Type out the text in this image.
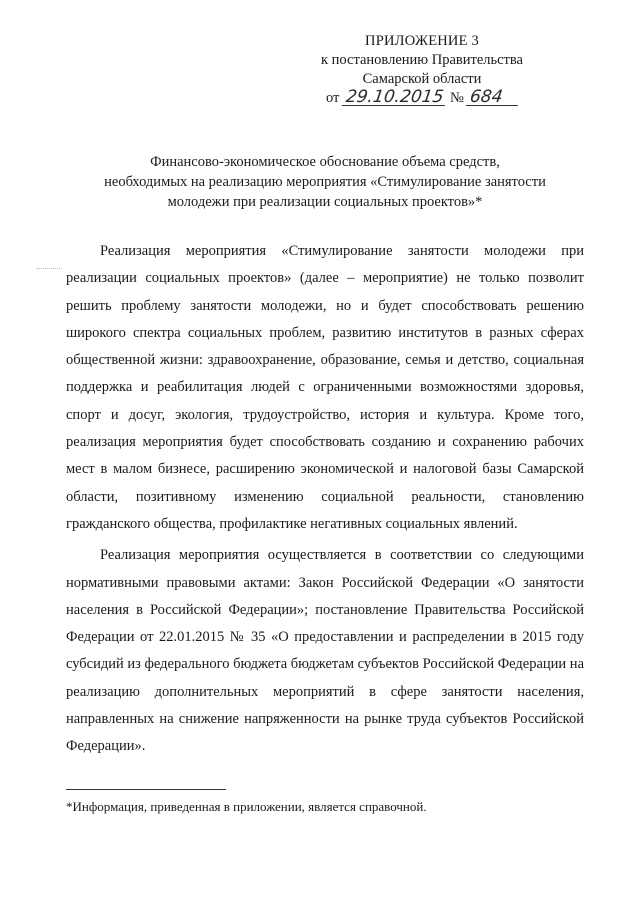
ПРИЛОЖЕНИЕ 3
к постановлению Правительства
Самарской области
от 29.10.2015 № 684
Финансово-экономическое обоснование объема средств,
необходимых на реализацию мероприятия «Стимулирование занятости
молодежи при реализации социальных проектов»*

Реализация мероприятия «Стимулирование занятости молодежи при реализации социальных проектов» (далее – мероприятие) не только позволит решить проблему занятости молодежи, но и будет способствовать решению широкого спектра социальных проблем, развитию институтов в разных сферах общественной жизни: здравоохранение, образование, семья и детство, социальная поддержка и реабилитация людей с ограниченными возможностями здоровья, спорт и досуг, экология, трудоустройство, история и культура. Кроме того, реализация мероприятия будет способствовать созданию и сохранению рабочих мест в малом бизнесе, расширению экономической и налоговой базы Самарской области, позитивному изменению социальной реальности, становлению гражданского общества, профилактике негативных социальных явлений.

Реализация мероприятия осуществляется в соответствии со следующими нормативными правовыми актами: Закон Российской Федерации «О занятости населения в Российской Федерации»; постановление Правительства Российской Федерации от 22.01.2015 № 35 «О предоставлении и распределении в 2015 году субсидий из федерального бюджета бюджетам субъектов Российской Федерации на реализацию дополнительных мероприятий в сфере занятости населения, направленных на снижение напряженности на рынке труда субъектов Российской Федерации».

*Информация, приведенная в приложении, является справочной.
